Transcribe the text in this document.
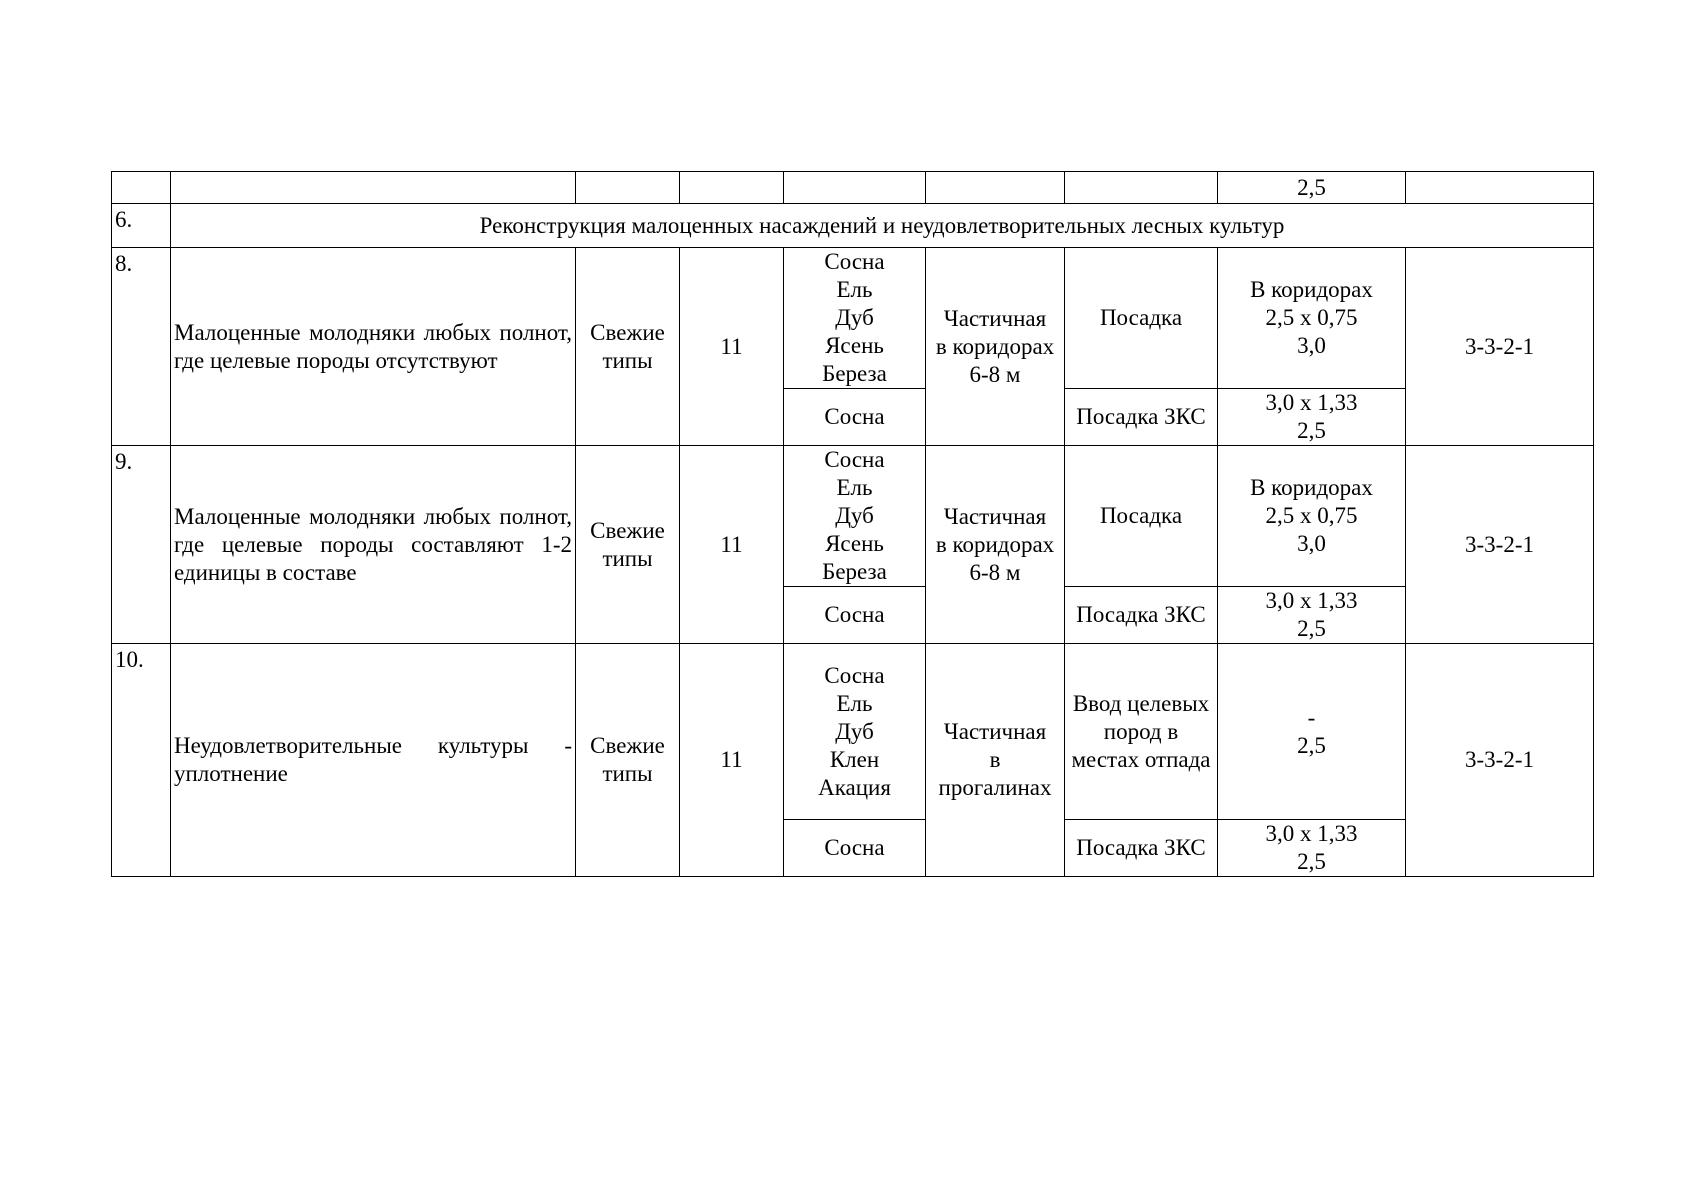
							2,5	
6.	Реконструкция малоценных насаждений и неудовлетворительных лесных культур							
8.	Малоценные молодняки любых полнот, где целевые породы отсутствуют	Свежие
типы	11	Сосна
Ель
Дуб
Ясень
Береза	Частичная
в коридорах
6-8 м	Посадка	В коридорах
2,5 х 0,75
3,0	3-3-2-1
				Сосна		Посадка ЗКС	3,0 х 1,33
2,5	

9.	Малоценные молодняки любых полнот, где целевые породы составляют 1-2 единицы в составе	Свежие
типы	11	Сосна
Ель
Дуб
Ясень
Береза	Частичная
в коридорах
6-8 м	Посадка	В коридорах
2,5 х 0,75
3,0	3-3-2-1
				Сосна		Посадка ЗКС	3,0 х 1,33
2,5	

10.	Неудовлетворительные культуры - уплотнение	Свежие
типы	11	Сосна
Ель
Дуб
Клен
Акация	Частичная
в
прогалинах	Ввод целевых
пород в
местах отпада	-
2,5	3-3-2-1
				Сосна		Посадка ЗКС	3,0 х 1,33
2,5	
